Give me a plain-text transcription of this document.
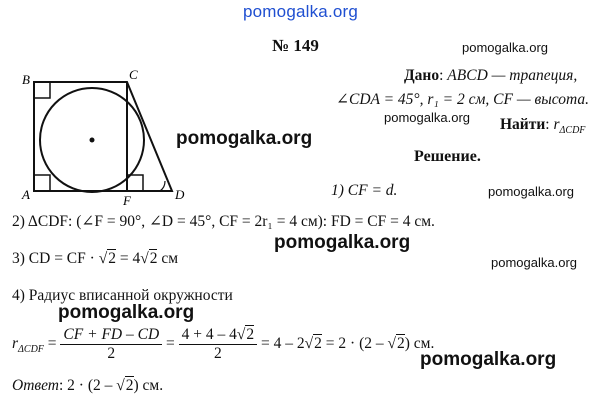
pomogalka.org
№ 149	pomogalka.org
B	C
A	F	D
Дано: ABCD — трапеция,
∠CDA = 45°, r₁ = 2 см, CF — высота.
pomogalka.org Найти: $r_{\Delta CDF}$
pomogalka.org
Решение.
1) CF = d.	pomogalka.org
2) ΔCDF: (∠F = 90°, ∠D = 45°, CF = 2r₁ = 4 см): FD = CF = 4 см.
pomogalka.org
3) CD = CF · √2 = 4√2 см	pomogalka.org
4) Радиус вписанной окружности
pomogalka.org
$r_{\Delta CDF} = \frac{CF + FD - CD}{2} = \frac{4 + 4 - 4√2}{2} = 4 - 2√2 = 2 \cdot (2 - √2)$ см.
pomogalka.org
Ответ: 2 · (2 – √2) см.
